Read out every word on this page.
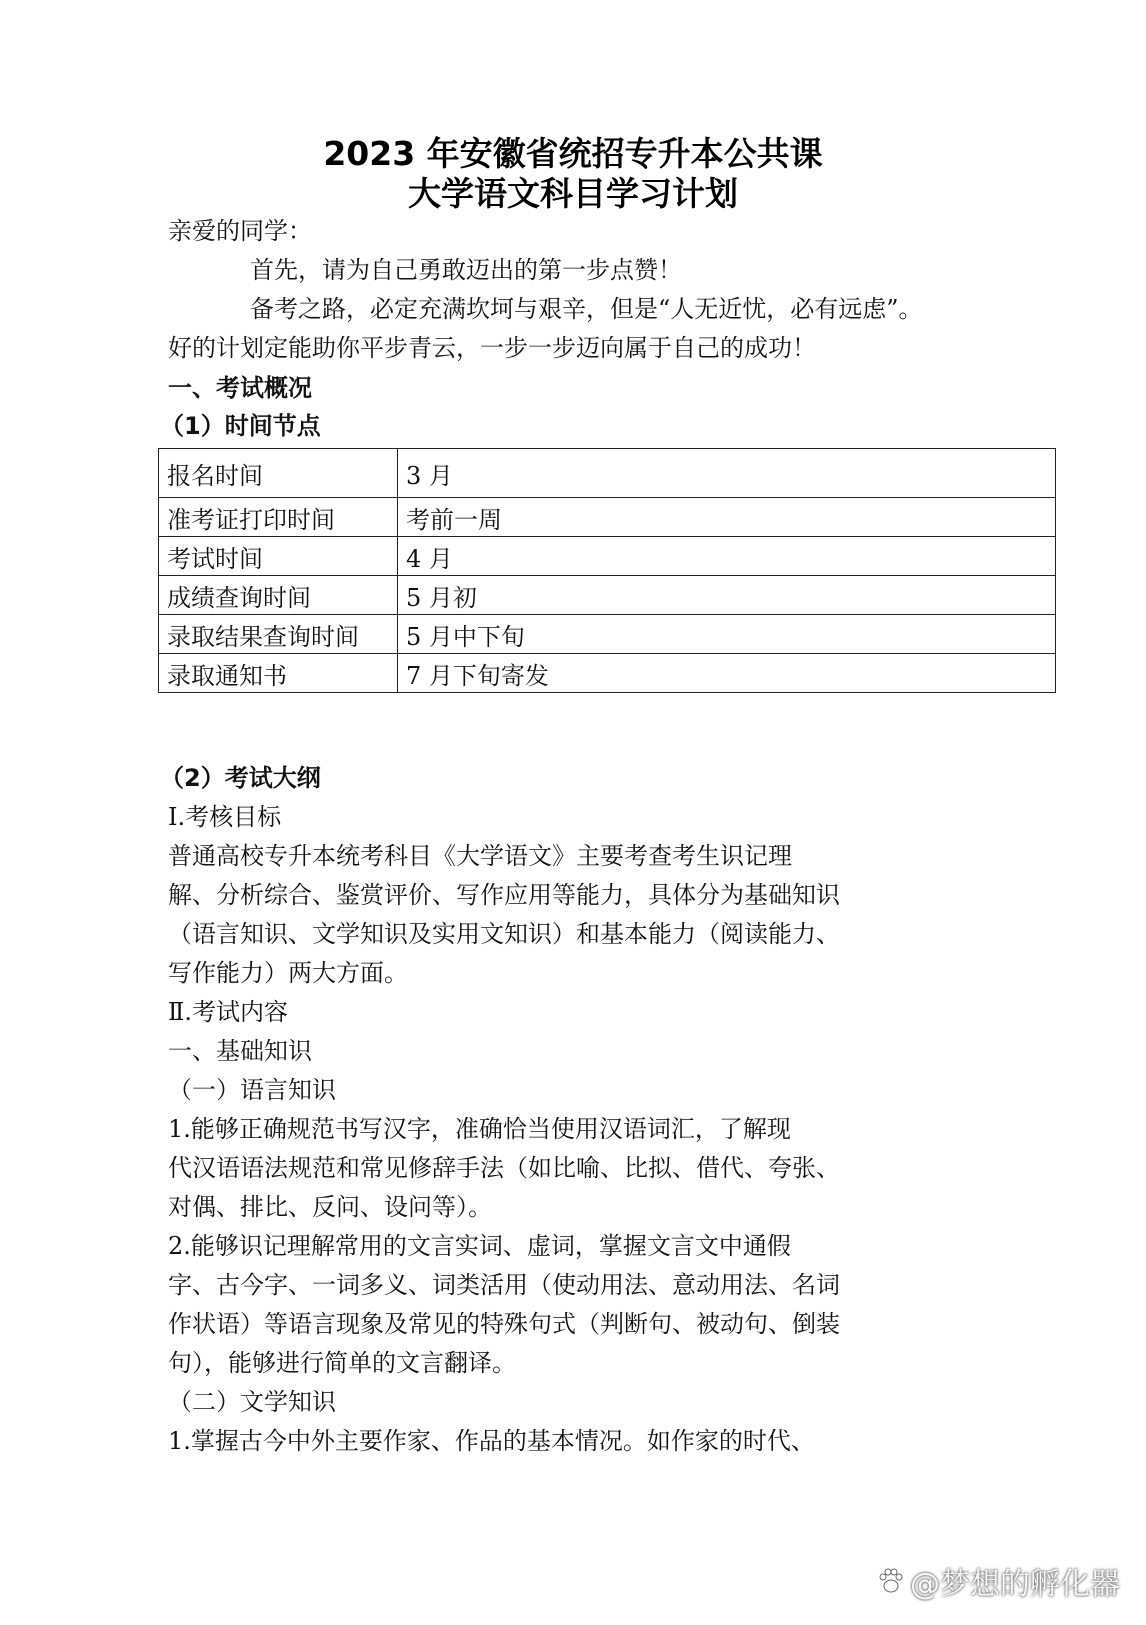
2023 年安徽省统招专升本公共课
大学语文科目学习计划
亲爱的同学：
首先，请为自己勇敢迈出的第一步点赞！
备考之路，必定充满坎坷与艰辛，但是“人无近忧，必有远虑”。
好的计划定能助你平步青云，一步一步迈向属于自己的成功！
一、考试概况
（1）时间节点
报名时间	3 月
准考证打印时间	考前一周
考试时间	4 月
成绩查询时间	5 月初
录取结果查询时间	5 月中下旬
录取通知书	7 月下旬寄发
（2）考试大纲
Ⅰ.考核目标
普通高校专升本统考科目《大学语文》主要考查考生识记理
解、分析综合、鉴赏评价、写作应用等能力，具体分为基础知识
（语言知识、文学知识及实用文知识）和基本能力（阅读能力、
写作能力）两大方面。
Ⅱ.考试内容
一、基础知识
（一）语言知识
1.能够正确规范书写汉字，准确恰当使用汉语词汇，了解现
代汉语语法规范和常见修辞手法（如比喻、比拟、借代、夸张、
对偶、排比、反问、设问等）。
2.能够识记理解常用的文言实词、虚词，掌握文言文中通假
字、古今字、一词多义、词类活用（使动用法、意动用法、名词
作状语）等语言现象及常见的特殊句式（判断句、被动句、倒装
句），能够进行简单的文言翻译。
（二）文学知识
1.掌握古今中外主要作家、作品的基本情况。如作家的时代、
@梦想的孵化器
